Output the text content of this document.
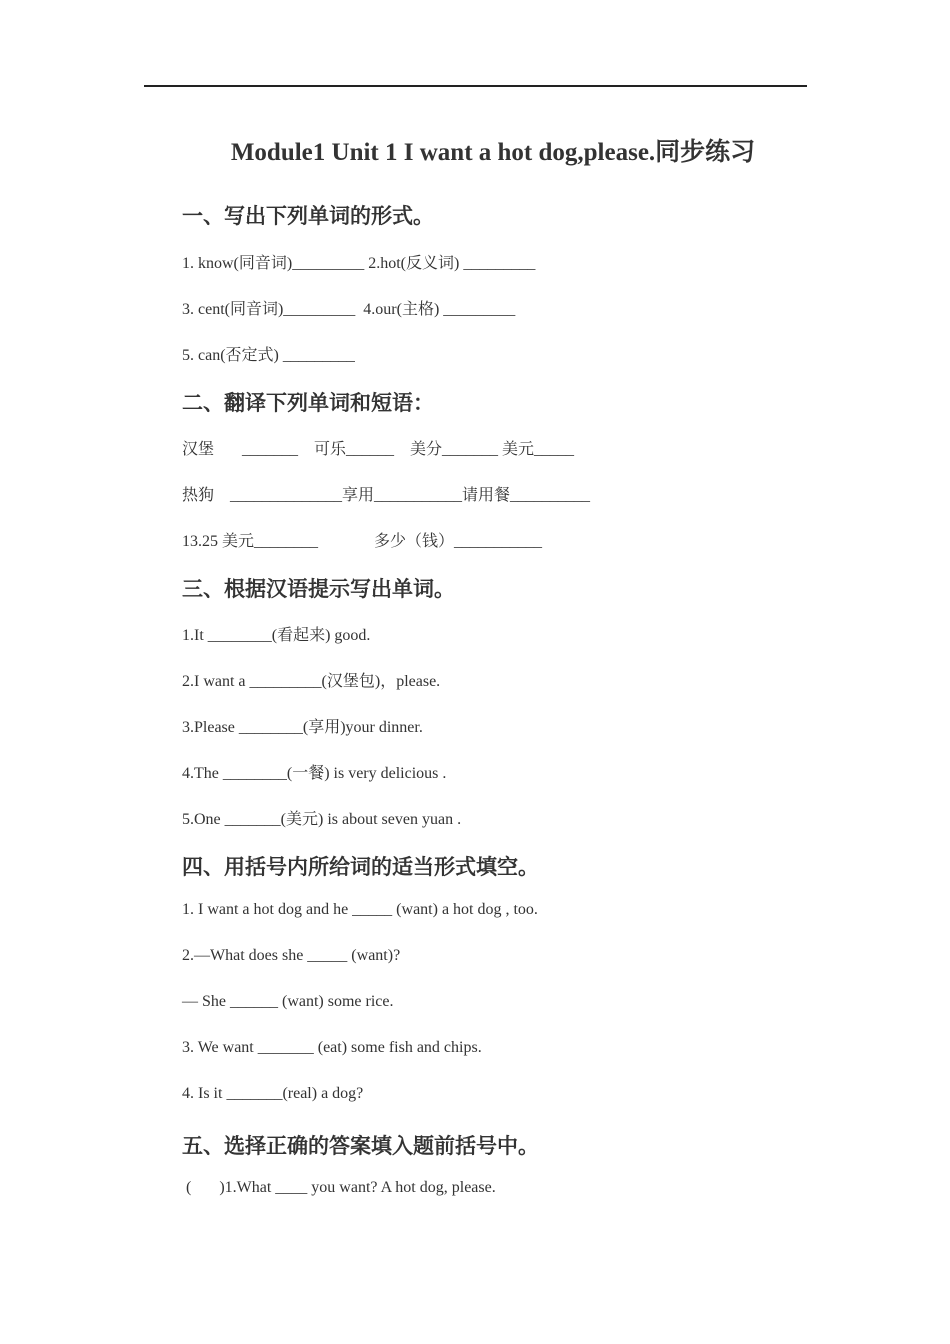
Module1 Unit 1 I want a hot dog,please.同步练习
一、写出下列单词的形式。
1. know(同音词)_________ 2.hot(反义词) _________
3. cent(同音词)_________  4.our(主格) _________
5. can(否定式) _________
二、翻译下列单词和短语：
汉堡       _______    可乐______    美分_______ 美元_____
热狗    ______________享用___________请用餐__________
13.25 美元________              多少（钱）___________
三、根据汉语提示写出单词。
1.It ________(看起来) good.
2.I want a _________(汉堡包)，please.
3.Please ________(享用)your dinner.
4.The ________(一餐) is very delicious .
5.One _______(美元) is about seven yuan .
四、用括号内所给词的适当形式填空。
1. I want a hot dog and he _____ (want) a hot dog , too.
2.—What does she _____ (want)?
— She ______ (want) some rice.
3. We want _______ (eat) some fish and chips.
4. Is it _______(real) a dog?
五、选择正确的答案填入题前括号中。
(       )1.What ____ you want? A hot dog, please.
